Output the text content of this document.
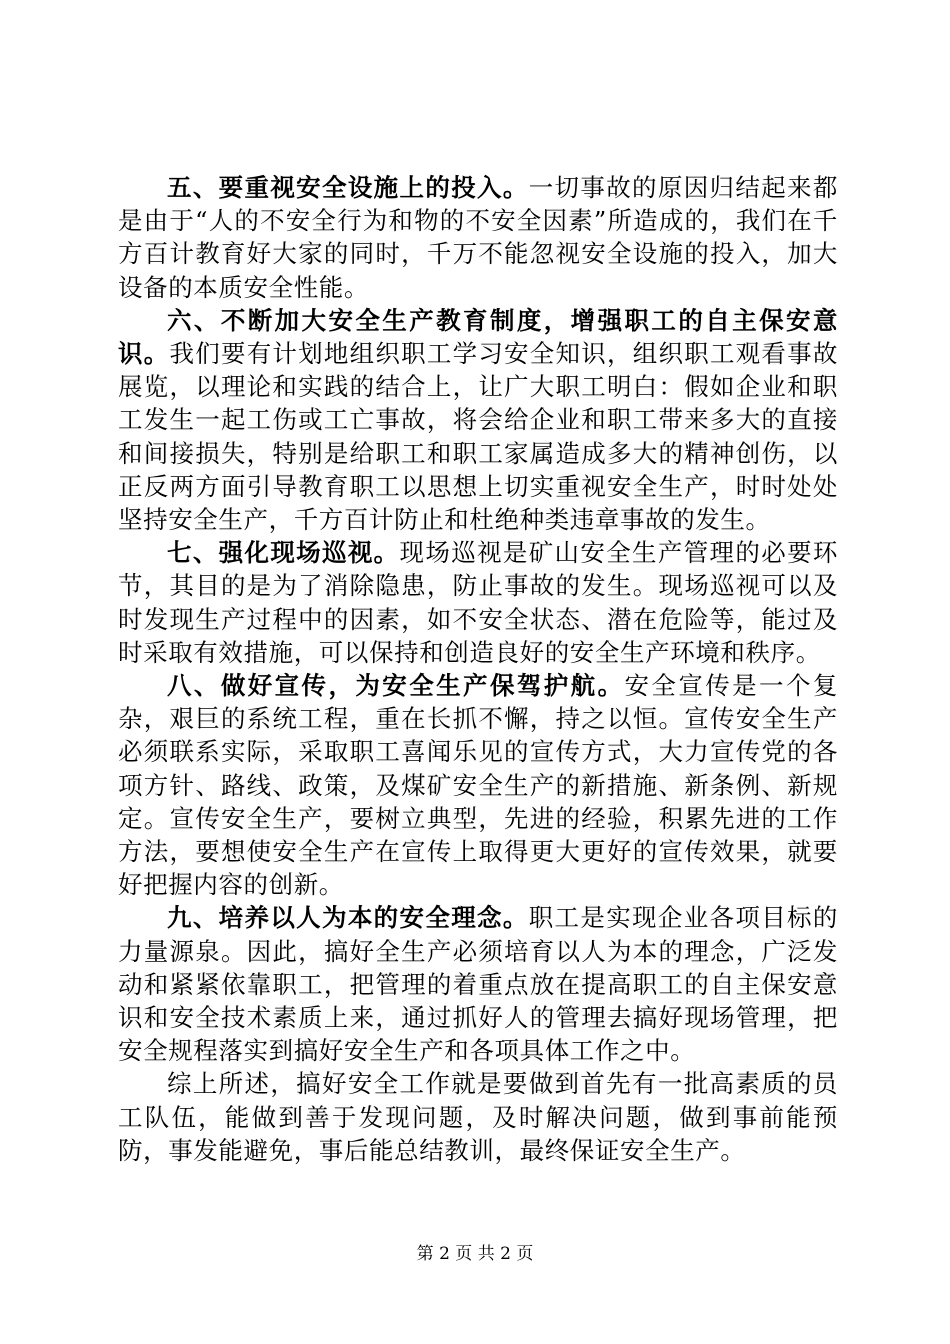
五、要重视安全设施上的投入。一切事故的原因归结起来都是由于“人的不安全行为和物的不安全因素”所造成的，我们在千方百计教育好大家的同时，千万不能忽视安全设施的投入，加大设备的本质安全性能。

六、不断加大安全生产教育制度，增强职工的自主保安意识。我们要有计划地组织职工学习安全知识，组织职工观看事故展览，以理论和实践的结合上，让广大职工明白：假如企业和职工发生一起工伤或工亡事故，将会给企业和职工带来多大的直接和间接损失，特别是给职工和职工家属造成多大的精神创伤，以正反两方面引导教育职工以思想上切实重视安全生产，时时处处坚持安全生产，千方百计防止和杜绝种类违章事故的发生。

七、强化现场巡视。现场巡视是矿山安全生产管理的必要环节，其目的是为了消除隐患，防止事故的发生。现场巡视可以及时发现生产过程中的因素，如不安全状态、潜在危险等，能过及时采取有效措施，可以保持和创造良好的安全生产环境和秩序。

八、做好宣传，为安全生产保驾护航。安全宣传是一个复杂，艰巨的系统工程，重在长抓不懈，持之以恒。宣传安全生产必须联系实际，采取职工喜闻乐见的宣传方式，大力宣传党的各项方针、路线、政策，及煤矿安全生产的新措施、新条例、新规定。宣传安全生产，要树立典型，先进的经验，积累先进的工作方法，要想使安全生产在宣传上取得更大更好的宣传效果，就要好把握内容的创新。

九、培养以人为本的安全理念。职工是实现企业各项目标的力量源泉。因此，搞好全生产必须培育以人为本的理念，广泛发动和紧紧依靠职工，把管理的着重点放在提高职工的自主保安意识和安全技术素质上来，通过抓好人的管理去搞好现场管理，把安全规程落实到搞好安全生产和各项具体工作之中。

综上所述，搞好安全工作就是要做到首先有一批高素质的员工队伍，能做到善于发现问题，及时解决问题，做到事前能预防，事发能避免，事后能总结教训，最终保证安全生产。

第 2 页 共 2 页
